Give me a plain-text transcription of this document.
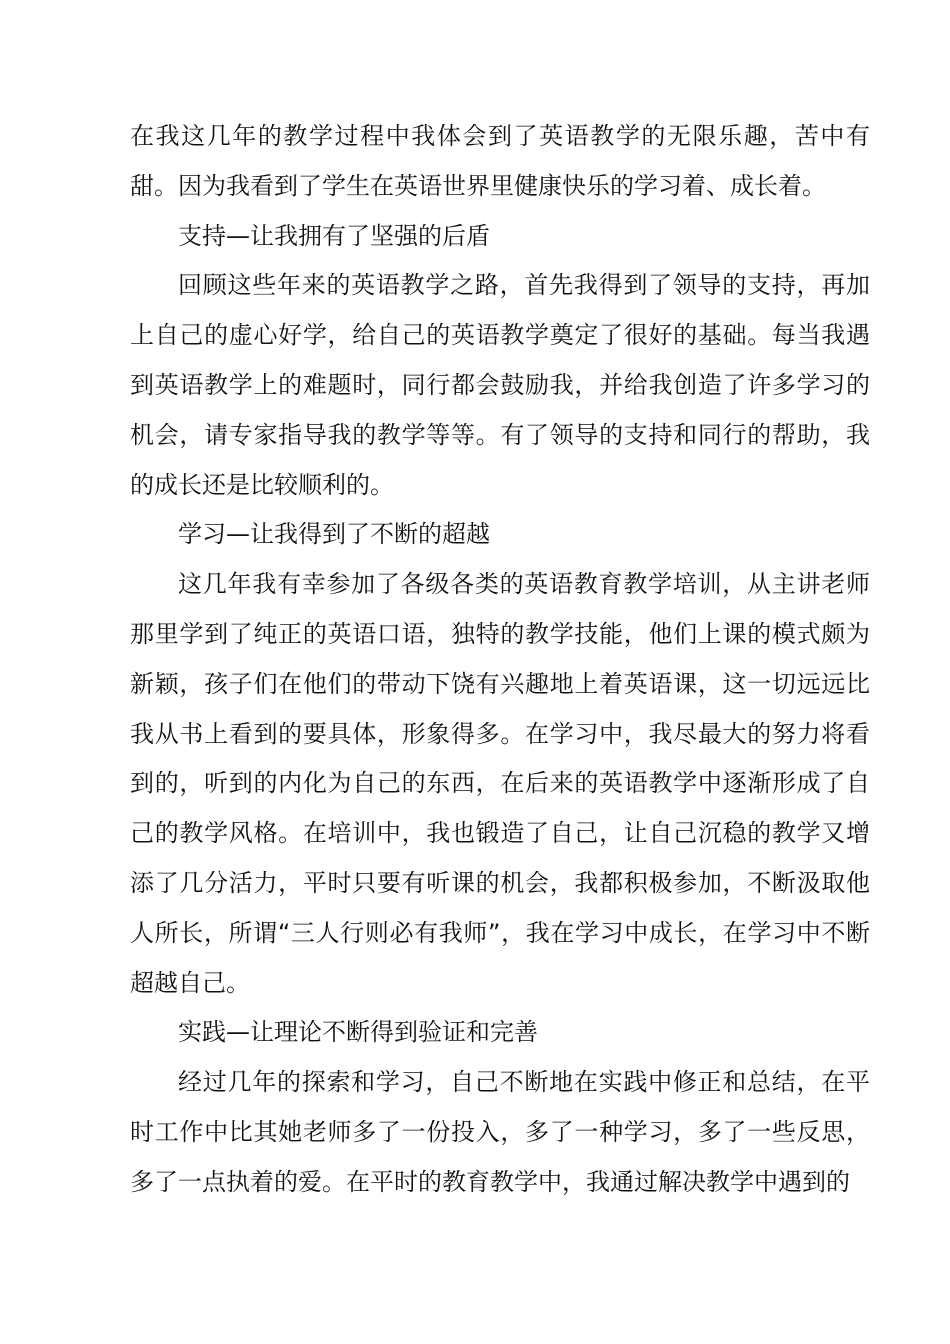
在我这几年的教学过程中我体会到了英语教学的无限乐趣，苦中有甜。因为我看到了学生在英语世界里健康快乐的学习着、成长着。

支持—让我拥有了坚强的后盾

回顾这些年来的英语教学之路，首先我得到了领导的支持，再加上自己的虚心好学，给自己的英语教学奠定了很好的基础。每当我遇到英语教学上的难题时，同行都会鼓励我，并给我创造了许多学习的机会，请专家指导我的教学等等。有了领导的支持和同行的帮助，我的成长还是比较顺利的。

学习—让我得到了不断的超越

这几年我有幸参加了各级各类的英语教育教学培训，从主讲老师那里学到了纯正的英语口语，独特的教学技能，他们上课的模式颇为新颖，孩子们在他们的带动下饶有兴趣地上着英语课，这一切远远比我从书上看到的要具体，形象得多。在学习中，我尽最大的努力将看到的，听到的内化为自己的东西，在后来的英语教学中逐渐形成了自己的教学风格。在培训中，我也锻造了自己，让自己沉稳的教学又增添了几分活力，平时只要有听课的机会，我都积极参加，不断汲取他人所长，所谓“三人行则必有我师”，我在学习中成长，在学习中不断超越自己。

实践—让理论不断得到验证和完善

经过几年的探索和学习，自己不断地在实践中修正和总结，在平时工作中比其她老师多了一份投入，多了一种学习，多了一些反思，多了一点执着的爱。在平时的教育教学中，我通过解决教学中遇到的
